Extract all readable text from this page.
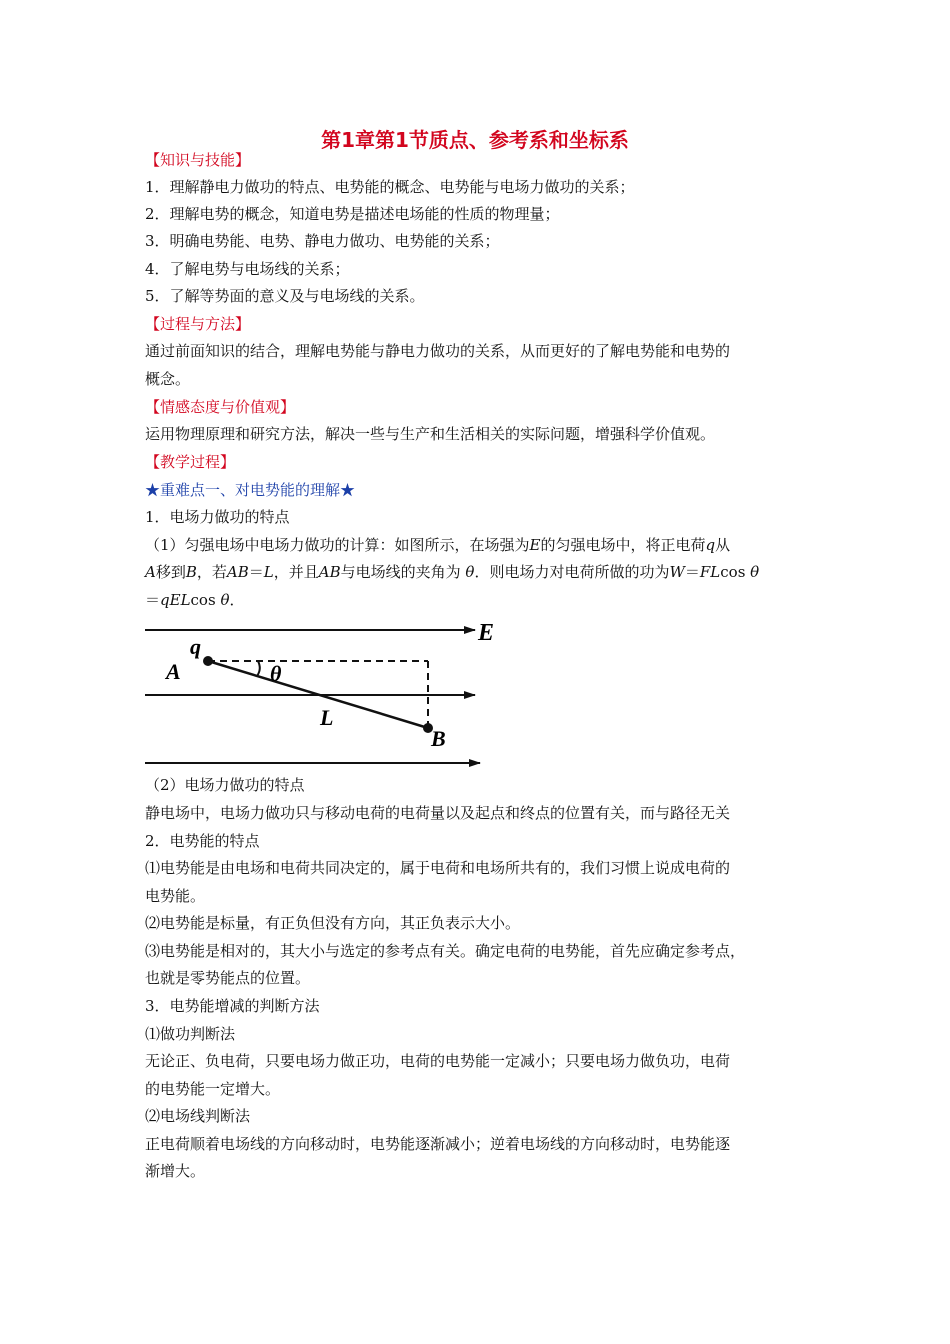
第1章第1节质点、参考系和坐标系
【知识与技能】
1．理解静电力做功的特点、电势能的概念、电势能与电场力做功的关系；
2．理解电势的概念，知道电势是描述电场能的性质的物理量；
3．明确电势能、电势、静电力做功、电势能的关系；
4．了解电势与电场线的关系；
5．了解等势面的意义及与电场线的关系。
【过程与方法】
通过前面知识的结合，理解电势能与静电力做功的关系，从而更好的了解电势能和电势的
概念。
【情感态度与价值观】
运用物理原理和研究方法，解决一些与生产和生活相关的实际问题，增强科学价值观。
【教学过程】
★重难点一、对电势能的理解★
1．电场力做功的特点
（1）匀强电场中电场力做功的计算：如图所示，在场强为E的匀强电场中，将正电荷q从
A移到B，若AB＝L，并且AB与电场线的夹角为 θ．则电场力对电荷所做的功为W＝FLcos θ
＝qELcos θ．
E
q
A	θ
L
B
（2）电场力做功的特点
静电场中，电场力做功只与移动电荷的电荷量以及起点和终点的位置有关，而与路径无关
2．电势能的特点
⑴电势能是由电场和电荷共同决定的，属于电荷和电场所共有的，我们习惯上说成电荷的
电势能。
⑵电势能是标量，有正负但没有方向，其正负表示大小。
⑶电势能是相对的，其大小与选定的参考点有关。确定电荷的电势能，首先应确定参考点，
也就是零势能点的位置。
3．电势能增减的判断方法
⑴做功判断法
无论正、负电荷，只要电场力做正功，电荷的电势能一定减小；只要电场力做负功，电荷
的电势能一定增大。
⑵电场线判断法
正电荷顺着电场线的方向移动时，电势能逐渐减小；逆着电场线的方向移动时，电势能逐
渐增大。
